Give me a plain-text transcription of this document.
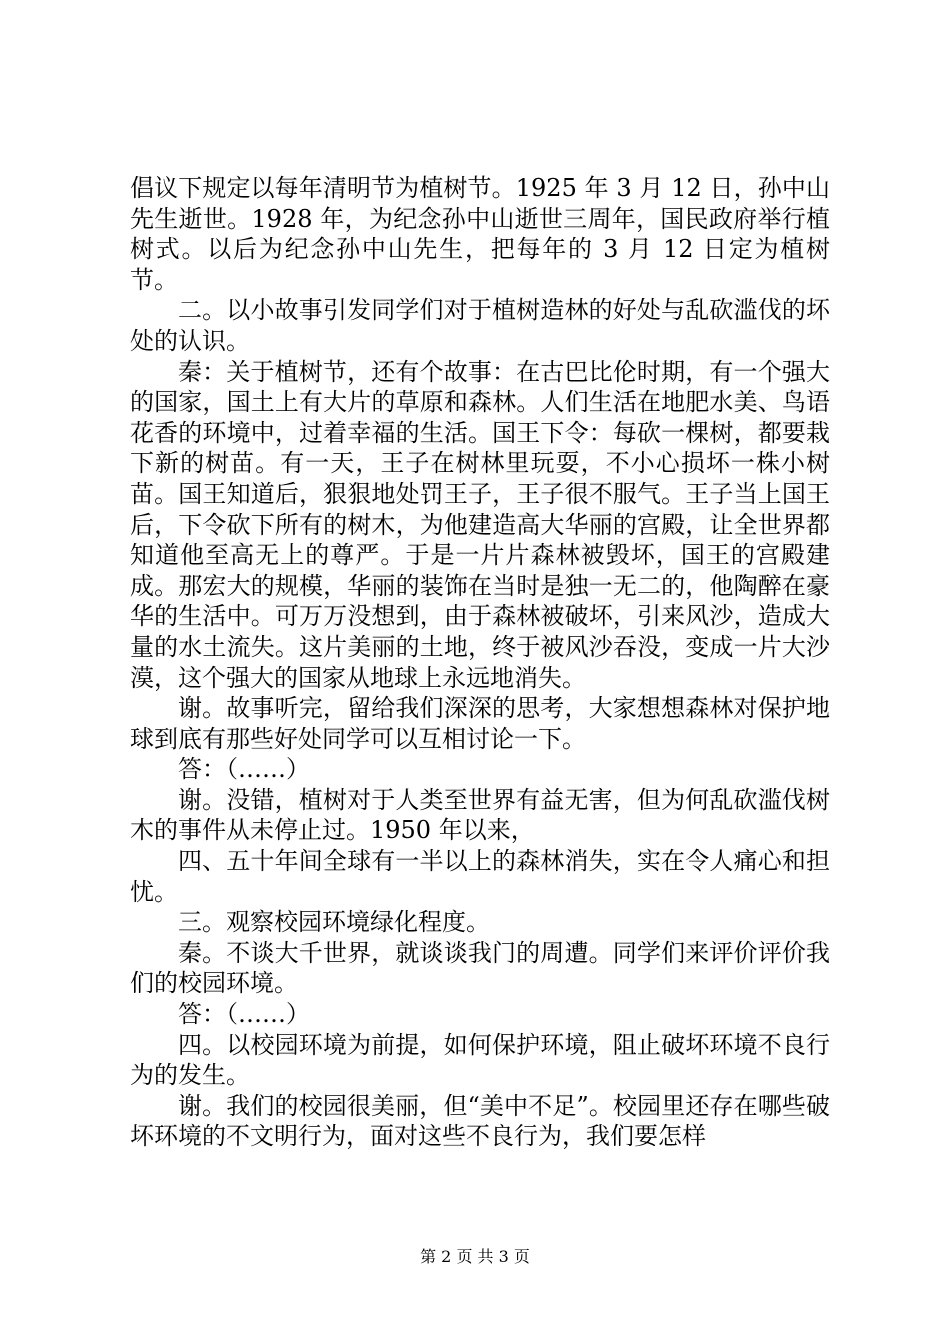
倡议下规定以每年清明节为植树节。1925 年 3 月 12 日，孙中山先生逝世。1928 年，为纪念孙中山逝世三周年，国民政府举行植树式。以后为纪念孙中山先生，把每年的 3 月 12 日定为植树节。

二。以小故事引发同学们对于植树造林的好处与乱砍滥伐的坏处的认识。

秦：关于植树节，还有个故事：在古巴比伦时期，有一个强大的国家，国土上有大片的草原和森林。人们生活在地肥水美、鸟语花香的环境中，过着幸福的生活。国王下令：每砍一棵树，都要栽下新的树苗。有一天，王子在树林里玩耍，不小心损坏一株小树苗。国王知道后，狠狠地处罚王子，王子很不服气。王子当上国王后，下令砍下所有的树木，为他建造高大华丽的宫殿，让全世界都知道他至高无上的尊严。于是一片片森林被毁坏，国王的宫殿建成。那宏大的规模，华丽的装饰在当时是独一无二的，他陶醉在豪华的生活中。可万万没想到，由于森林被破坏，引来风沙，造成大量的水土流失。这片美丽的土地，终于被风沙吞没，变成一片大沙漠，这个强大的国家从地球上永远地消失。

谢。故事听完，留给我们深深的思考，大家想想森林对保护地球到底有那些好处同学可以互相讨论一下。

答：（……）

谢。没错，植树对于人类至世界有益无害，但为何乱砍滥伐树木的事件从未停止过。1950 年以来，

四、五十年间全球有一半以上的森林消失，实在令人痛心和担忧。

三。观察校园环境绿化程度。

秦。不谈大千世界，就谈谈我门的周遭。同学们来评价评价我们的校园环境。

答：（……）

四。以校园环境为前提，如何保护环境，阻止破坏环境不良行为的发生。

谢。我们的校园很美丽，但“美中不足”。校园里还存在哪些破坏环境的不文明行为，面对这些不良行为，我们要怎样

第 2 页 共 3 页
